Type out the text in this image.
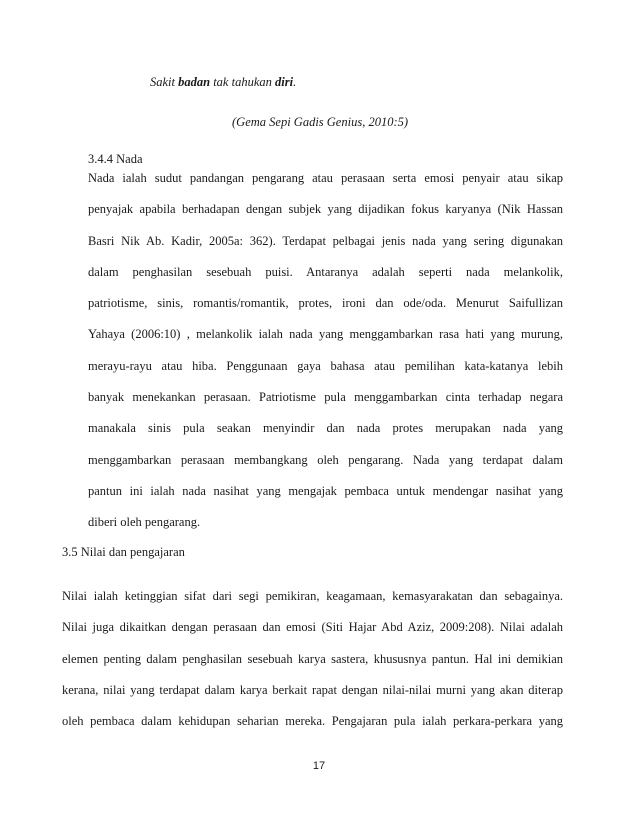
Sakit badan tak tahukan diri.
(Gema Sepi Gadis Genius, 2010:5)
3.4.4 Nada
Nada ialah sudut pandangan pengarang atau perasaan serta emosi penyair atau sikap
penyajak apabila berhadapan dengan subjek yang dijadikan fokus karyanya (Nik Hassan
Basri Nik Ab. Kadir, 2005a: 362). Terdapat pelbagai jenis nada yang sering digunakan
dalam penghasilan sesebuah puisi. Antaranya adalah seperti nada melankolik,
patriotisme, sinis, romantis/romantik, protes, ironi dan ode/oda. Menurut Saifullizan
Yahaya (2006:10) , melankolik ialah nada yang menggambarkan rasa hati yang murung,
merayu-rayu atau hiba. Penggunaan gaya bahasa atau pemilihan kata-katanya lebih
banyak menekankan perasaan. Patriotisme pula menggambarkan cinta terhadap negara
manakala sinis pula seakan menyindir dan nada protes merupakan nada yang
menggambarkan perasaan membangkang oleh pengarang. Nada yang terdapat dalam
pantun ini ialah nada nasihat yang mengajak pembaca untuk mendengar nasihat yang
diberi oleh pengarang.
3.5 Nilai dan pengajaran
Nilai ialah ketinggian sifat dari segi pemikiran, keagamaan, kemasyarakatan dan sebagainya.
Nilai juga dikaitkan dengan perasaan dan emosi (Siti Hajar Abd Aziz, 2009:208). Nilai adalah
elemen penting dalam penghasilan sesebuah karya sastera, khususnya pantun. Hal ini demikian
kerana, nilai yang terdapat dalam karya berkait rapat dengan nilai-nilai murni yang akan diterap
oleh pembaca dalam kehidupan seharian mereka. Pengajaran pula ialah perkara-perkara yang
17
